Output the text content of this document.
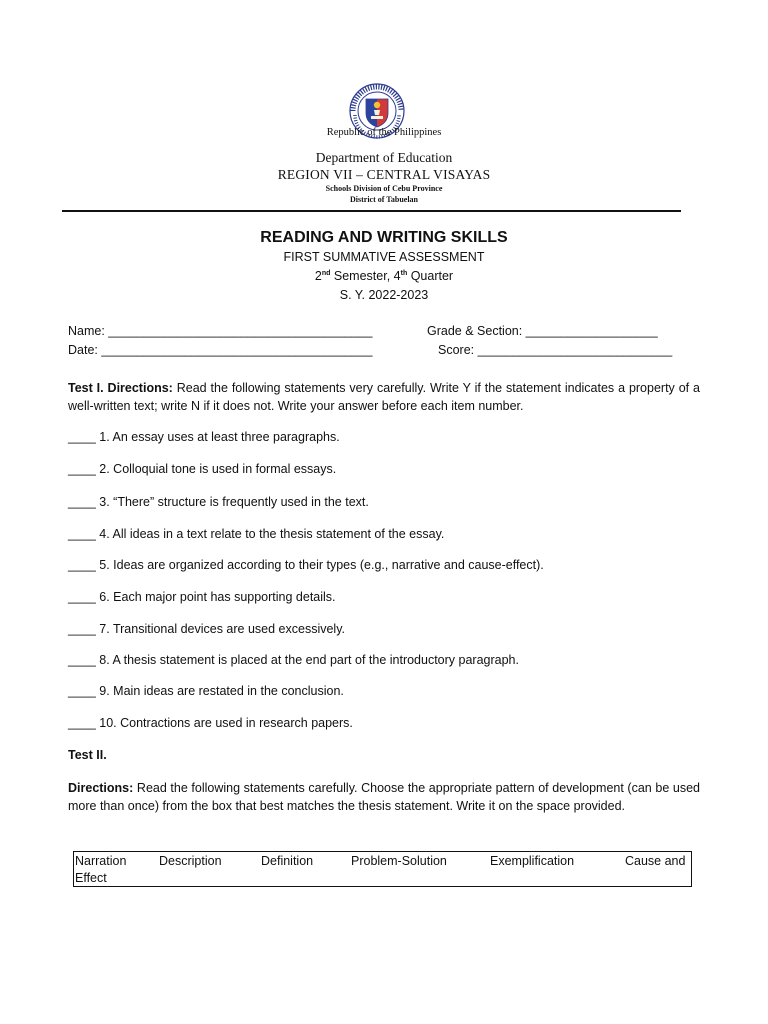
Republic of the Philippines
Department of Education
REGION VII – CENTRAL VISAYAS
Schools Division of Cebu Province
District of Tabuelan
READING AND WRITING SKILLS
FIRST SUMMATIVE ASSESSMENT
2nd Semester, 4th Quarter
S. Y. 2022-2023
Name: ______________________________________	Grade & Section: ___________________
Date: _______________________________________	Score: ____________________________
Test I. Directions: Read the following statements very carefully. Write Y if the statement indicates a property of a well-written text; write N if it does not. Write your answer before each item number.
____ 1. An essay uses at least three paragraphs.
____ 2. Colloquial tone is used in formal essays.
____ 3. “There” structure is frequently used in the text.
____ 4. All ideas in a text relate to the thesis statement of the essay.
____ 5. Ideas are organized according to their types (e.g., narrative and cause-effect).
____ 6. Each major point has supporting details.
____ 7. Transitional devices are used excessively.
____ 8. A thesis statement is placed at the end part of the introductory paragraph.
____ 9. Main ideas are restated in the conclusion.
____ 10. Contractions are used in research papers.
Test II.
Directions: Read the following statements carefully. Choose the appropriate pattern of development (can be used more than once) from the box that best matches the thesis statement. Write it on the space provided.
Narration	Description	Definition	Problem-Solution	Exemplification	Cause and
Effect
